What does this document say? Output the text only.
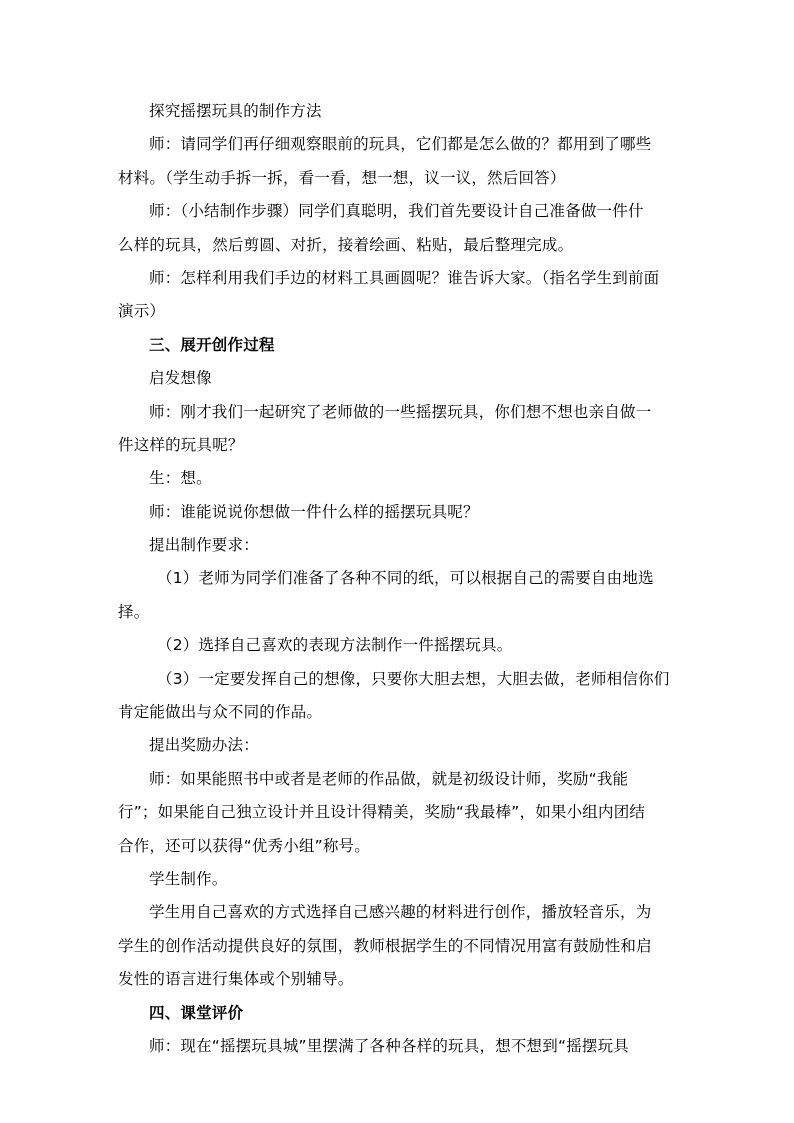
探究摇摆玩具的制作方法
师：请同学们再仔细观察眼前的玩具，它们都是怎么做的？都用到了哪些
材料。（学生动手拆一拆，看一看，想一想，议一议，然后回答）
师：（小结制作步骤）同学们真聪明，我们首先要设计自己准备做一件什
么样的玩具，然后剪圆、对折，接着绘画、粘贴，最后整理完成。
师：怎样利用我们手边的材料工具画圆呢？谁告诉大家。（指名学生到前面
演示）
三、展开创作过程
启发想像
师：刚才我们一起研究了老师做的一些摇摆玩具，你们想不想也亲自做一
件这样的玩具呢？
生：想。
师：谁能说说你想做一件什么样的摇摆玩具呢？
提出制作要求：
（1）老师为同学们准备了各种不同的纸，可以根据自己的需要自由地选
择。
（2）选择自己喜欢的表现方法制作一件摇摆玩具。
（3）一定要发挥自己的想像，只要你大胆去想，大胆去做，老师相信你们
肯定能做出与众不同的作品。
提出奖励办法：
师：如果能照书中或者是老师的作品做，就是初级设计师，奖励“我能
行”；如果能自己独立设计并且设计得精美，奖励“我最棒”，如果小组内团结
合作，还可以获得“优秀小组”称号。
学生制作。
学生用自己喜欢的方式选择自己感兴趣的材料进行创作，播放轻音乐，为
学生的创作活动提供良好的氛围，教师根据学生的不同情况用富有鼓励性和启
发性的语言进行集体或个别辅导。
四、课堂评价
师：现在“摇摆玩具城”里摆满了各种各样的玩具，想不想到“摇摆玩具
